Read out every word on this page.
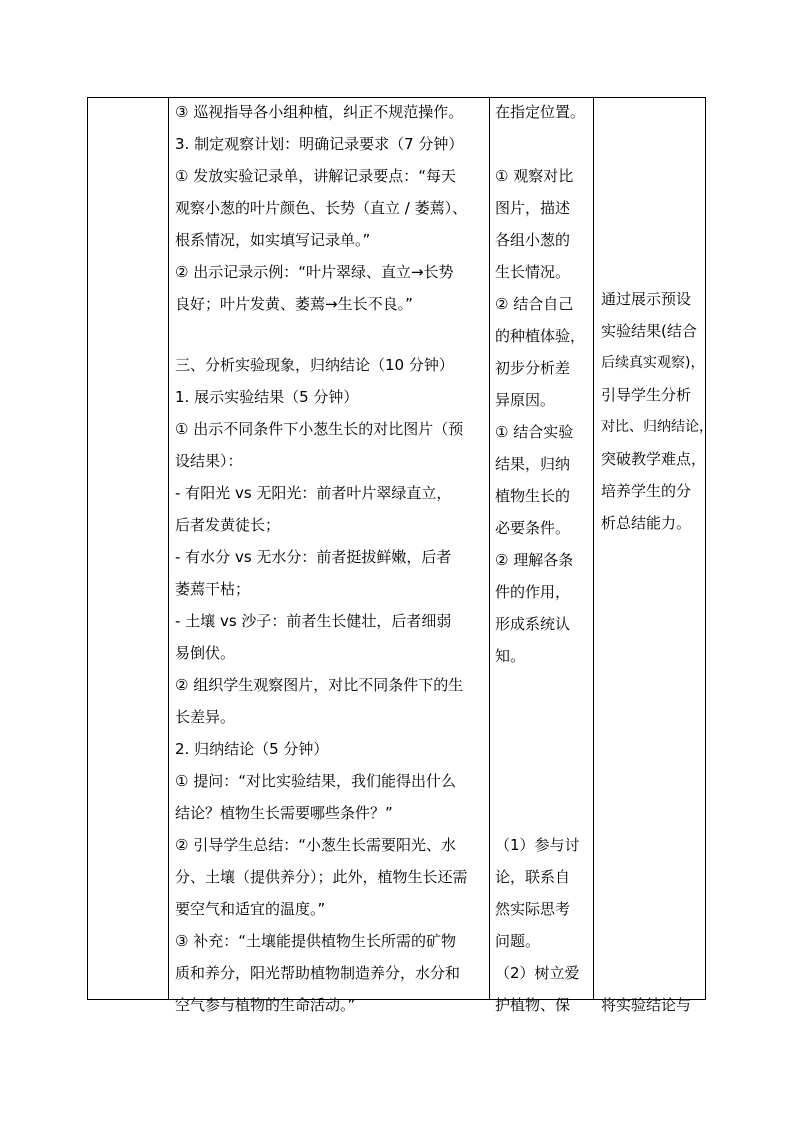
③ 巡视指导各小组种植，纠正不规范操作。
3. 制定观察计划：明确记录要求（7 分钟）
① 发放实验记录单，讲解记录要点：“每天
观察小葱的叶片颜色、长势（直立 / 萎蔫）、
根系情况，如实填写记录单。”
② 出示记录示例：“叶片翠绿、直立→长势
良好；叶片发黄、萎蔫→生长不良。”
三、分析实验现象，归纳结论（10 分钟）
1. 展示实验结果（5 分钟）
① 出示不同条件下小葱生长的对比图片（预
设结果）：
- 有阳光 vs 无阳光：前者叶片翠绿直立，
后者发黄徒长；
- 有水分 vs 无水分：前者挺拔鲜嫩，后者
萎蔫干枯；
- 土壤 vs 沙子：前者生长健壮，后者细弱
易倒伏。
② 组织学生观察图片，对比不同条件下的生
长差异。
2. 归纳结论（5 分钟）
① 提问：“对比实验结果，我们能得出什么
结论？植物生长需要哪些条件？”
② 引导学生总结：“小葱生长需要阳光、水
分、土壤（提供养分）；此外，植物生长还需
要空气和适宜的温度。”
③ 补充：“土壤能提供植物生长所需的矿物
质和养分，阳光帮助植物制造养分，水分和
空气参与植物的生命活动。”
在指定位置。
① 观察对比
图片，描述
各组小葱的
生长情况。
② 结合自己
的种植体验，
初步分析差
异原因。
① 结合实验
结果，归纳
植物生长的
必要条件。
② 理解各条
件的作用，
形成系统认
知。
（1）参与讨
论，联系自
然实际思考
问题。
（2）树立爱
护植物、保
通过展示预设
实验结果(结合
后续真实观察)，
引导学生分析
对比、归纳结论，
突破教学难点，
培养学生的分
析总结能力。
将实验结论与
